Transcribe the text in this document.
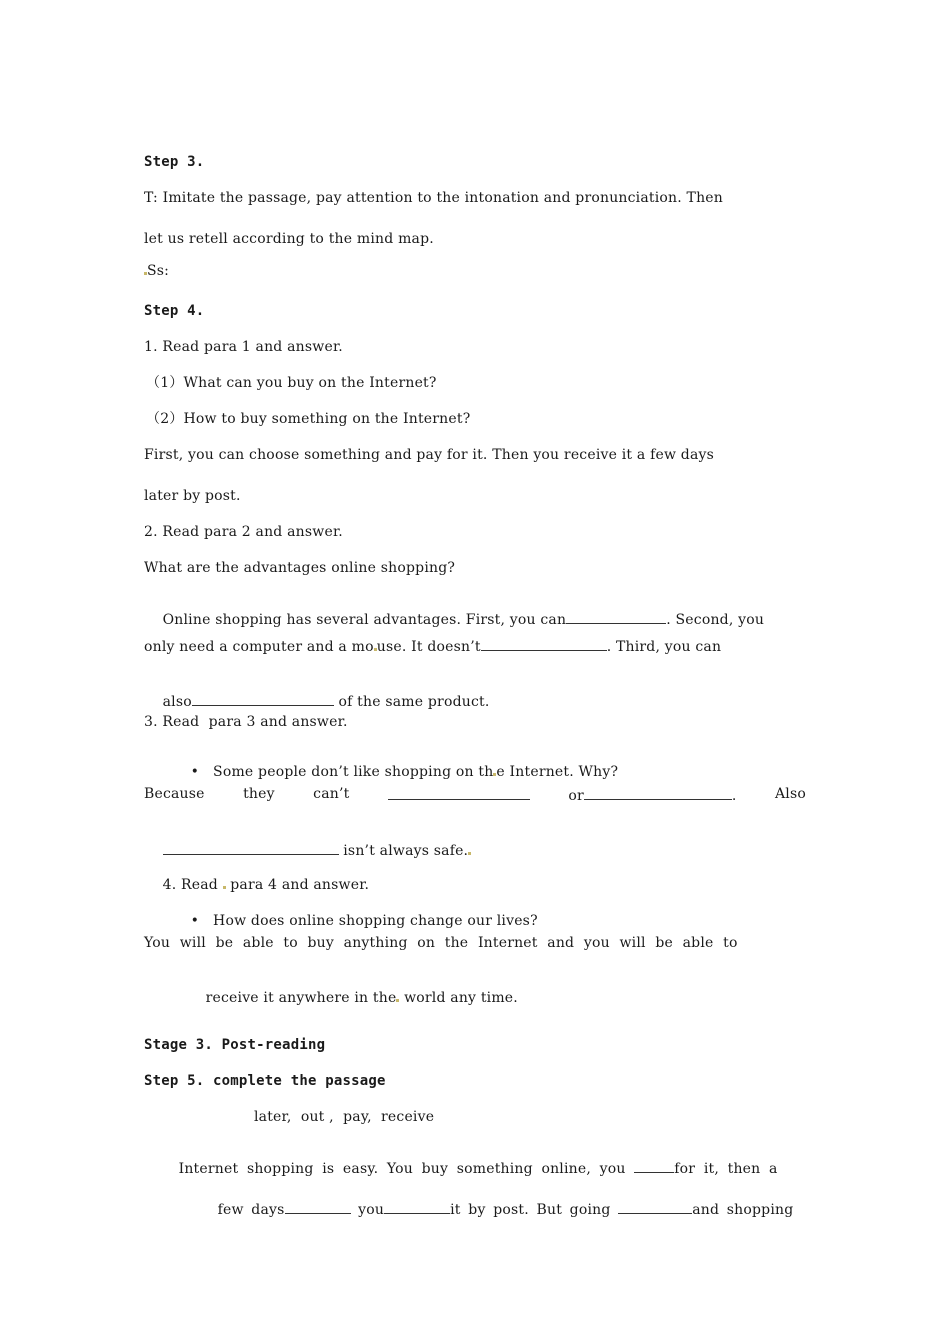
Step 3.
T: Imitate the passage, pay attention to the intonation and pronunciation. Then
let us retell according to the mind map.
Ss:
Step 4.
1. Read para 1 and answer.
（1）What can you buy on the Internet?
（2）How to buy something on the Internet?
First, you can choose something and pay for it. Then you receive it a few days
later by post.
2. Read para 2 and answer.
What are the advantages online shopping?

Online shopping has several advantages. First, you can	. Second, you

only need a computer and a mo use. It doesn’t	. Third, you can

also	of the same product.

3. Read  para 3 and answer.

• Some people don’t like shopping on th e Internet. Why?

Because	they	can’t	or	.	Also

isn’t always safe.

4. Read  para 4 and answer.

• How does online shopping change our lives?

You will be able to buy anything on the Internet and you will be able to

receive it anywhere in the world any time.

Stage 3. Post-reading
Step 5. complete the passage
later,  out ,  pay,  receive

Internet shopping is easy. You buy something online, you	for it, then a

few days	you	it by post. But going	and shopping
